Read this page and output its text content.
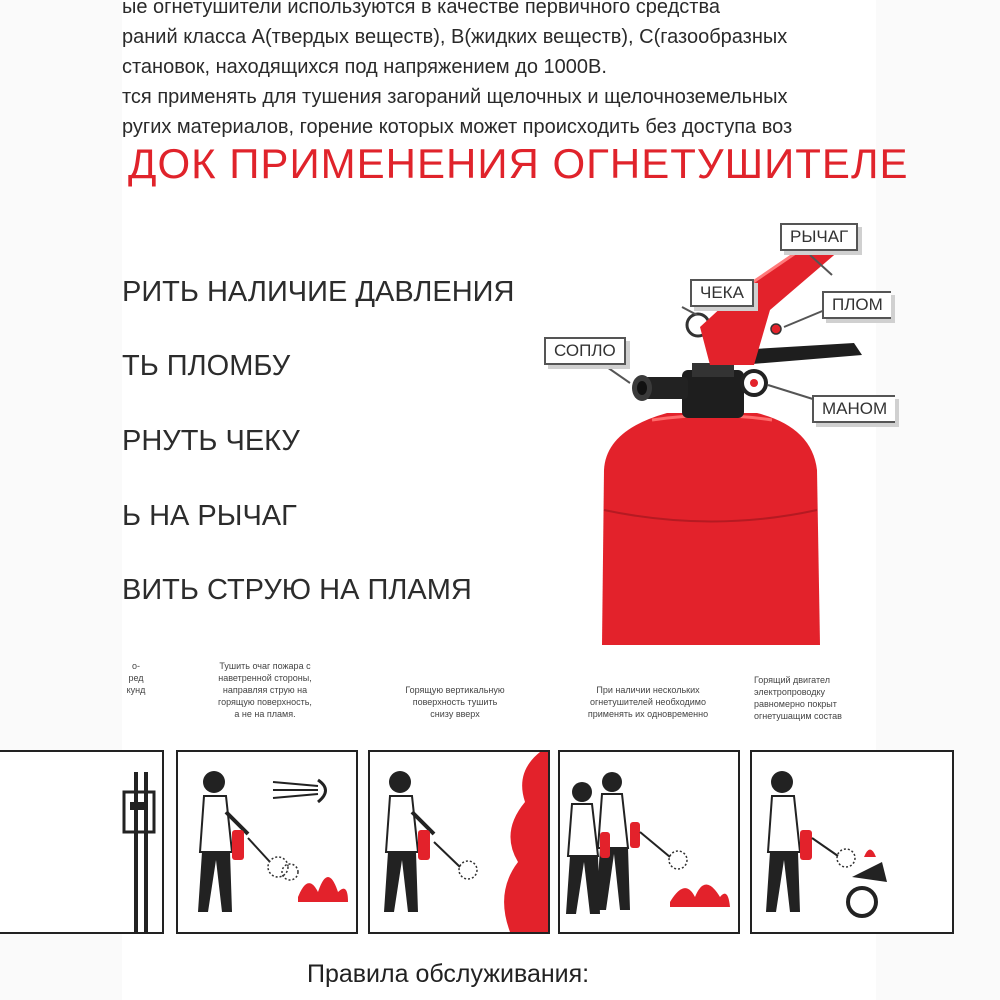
ые огнетушители используются в качестве первичного средства
раний класса А(твердых веществ), В(жидких веществ), С(газообразных
становок, находящихся под напряжением до 1000В.
тся применять для тушения загораний щелочных и щелочноземельных
ругих материалов, горение которых может происходить без доступа воз
ДОК ПРИМЕНЕНИЯ ОГНЕТУШИТЕЛЕ
РИТЬ НАЛИЧИЕ ДАВЛЕНИЯ
ТЬ ПЛОМБУ
РНУТЬ ЧЕКУ
Ь НА РЫЧАГ
ВИТЬ СТРУЮ НА ПЛАМЯ
РЫЧАГ
ЧЕКА
ПЛОМ
СОПЛО
МАНОМ
о-
ред
кунд
Тушить очаг пожара с
наветренной стороны,
направляя струю на
горящую поверхность,
а не на пламя.
Горящую вертикальную
поверхность тушить
снизу вверх
При наличии нескольких
огнетушителей необходимо
применять их одновременно
Горящий двигател
электропроводку
равномерно покрыт
огнетушащим состав
Правила обслуживания:
